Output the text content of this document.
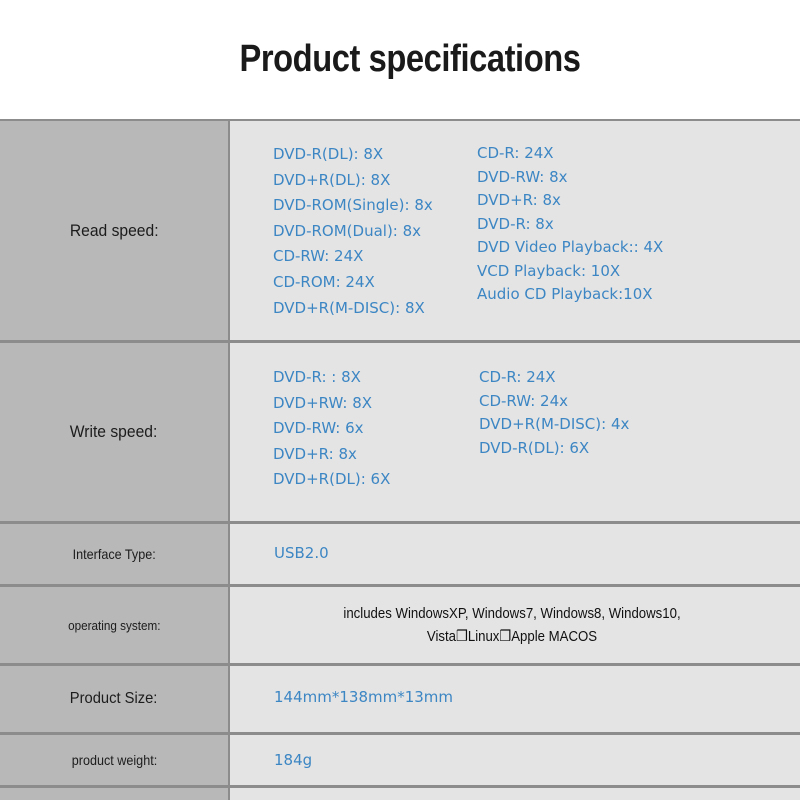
Product specifications
Read speed:
DVD-R(DL): 8X
DVD+R(DL): 8X
DVD-ROM(Single): 8x
DVD-ROM(Dual): 8x
CD-RW: 24X
CD-ROM: 24X
DVD+R(M-DISC): 8X
CD-R: 24X
DVD-RW: 8x
DVD+R: 8x
DVD-R: 8x
DVD Video Playback:: 4X
VCD Playback: 10X
Audio CD Playback:10X
Write speed:
DVD-R: : 8X
DVD+RW: 8X
DVD-RW: 6x
DVD+R: 8x
DVD+R(DL): 6X
CD-R: 24X
CD-RW: 24x
DVD+R(M-DISC): 4x
DVD-R(DL): 6X
Interface Type:	USB2.0
operating system:
includes WindowsXP, Windows7, Windows8, Windows10,
Vista❒Linux❒Apple MACOS
Product Size:	144mm*138mm*13mm
product weight:	184g
